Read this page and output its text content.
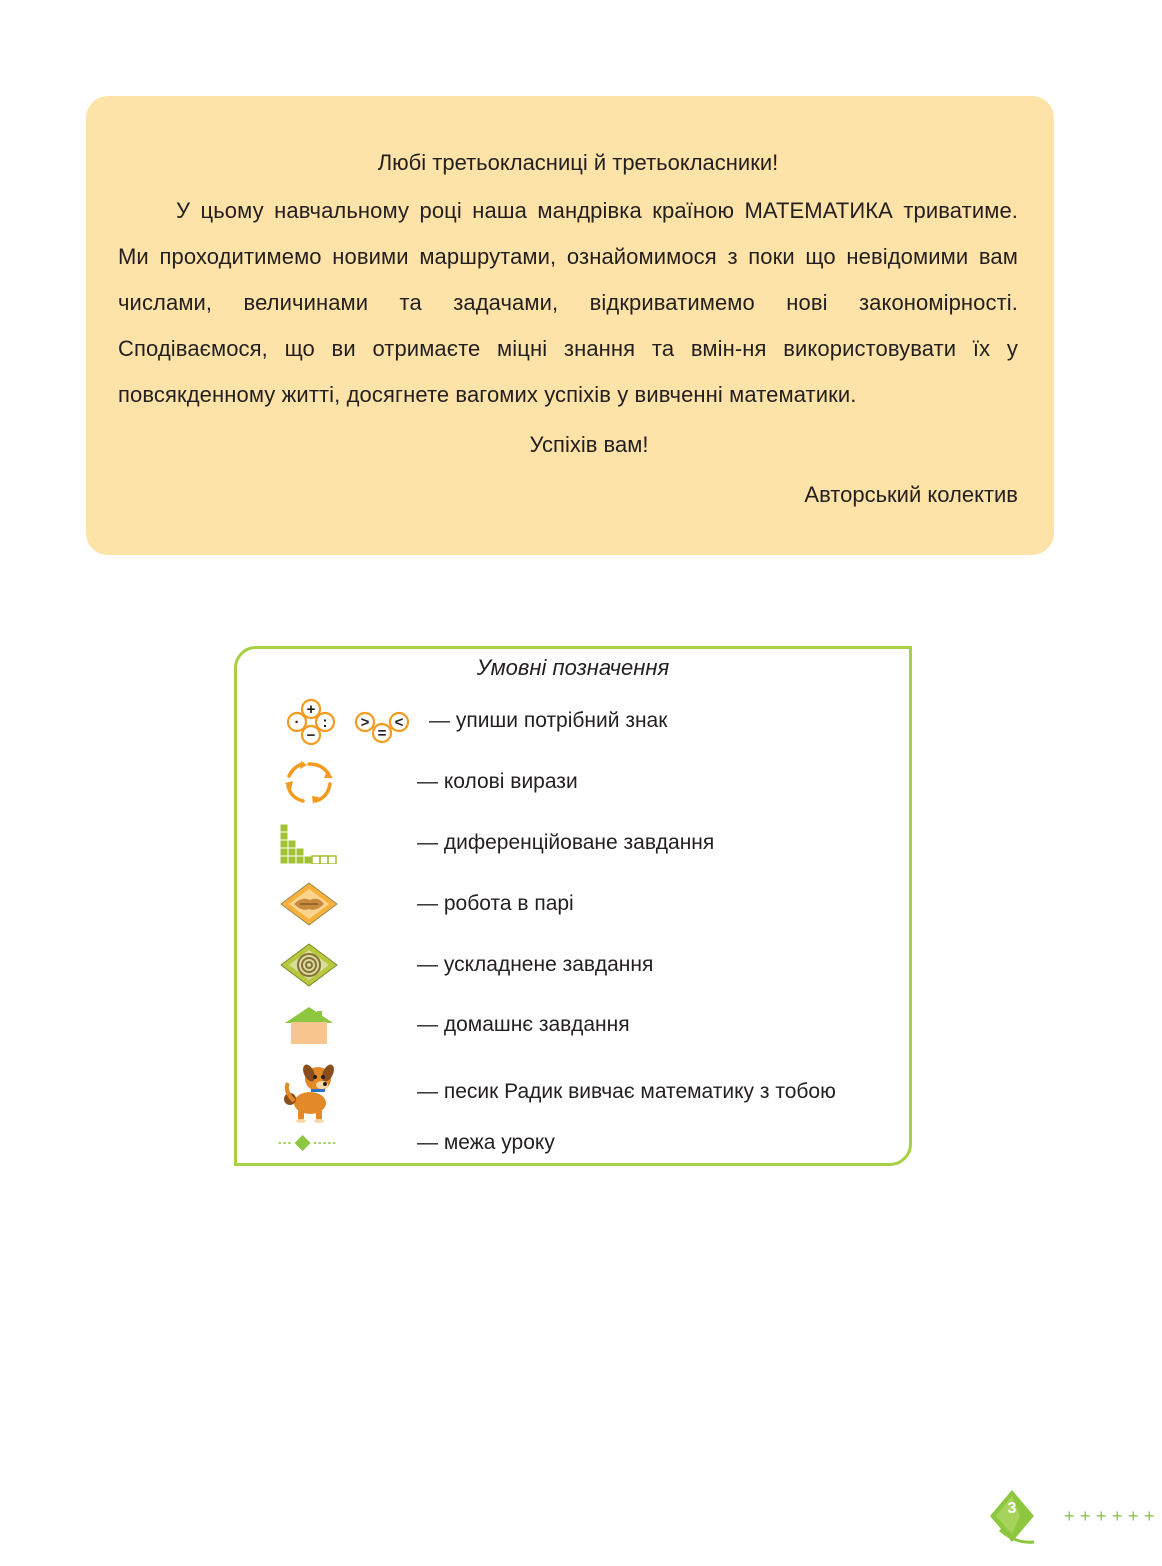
Любі третьокласниці й третьокласники!

У цьому навчальному році наша мандрівка країною МАТЕМАТИКА триватиме. Ми проходитимемо новими маршрутами, ознайомимося з поки що невідомими вам числами, величинами та задачами, відкриватимемо нові закономірності. Сподіваємося, що ви отримаєте міцні знання та вмін-ня використовувати їх у повсякденному житті, досягнете вагомих успіхів у вивченні математики.

Успіхів вам!

Авторський колектив

Умовні позначення
+
· :
−
>
=
< — упиши потрібний знак
— колові вирази
— диференційоване завдання
— робота в парі
— ускладнене завдання
— домашнє завдання
— песик Радик вивчає математику з тобою
— межа уроку
+ + + + + +
3
